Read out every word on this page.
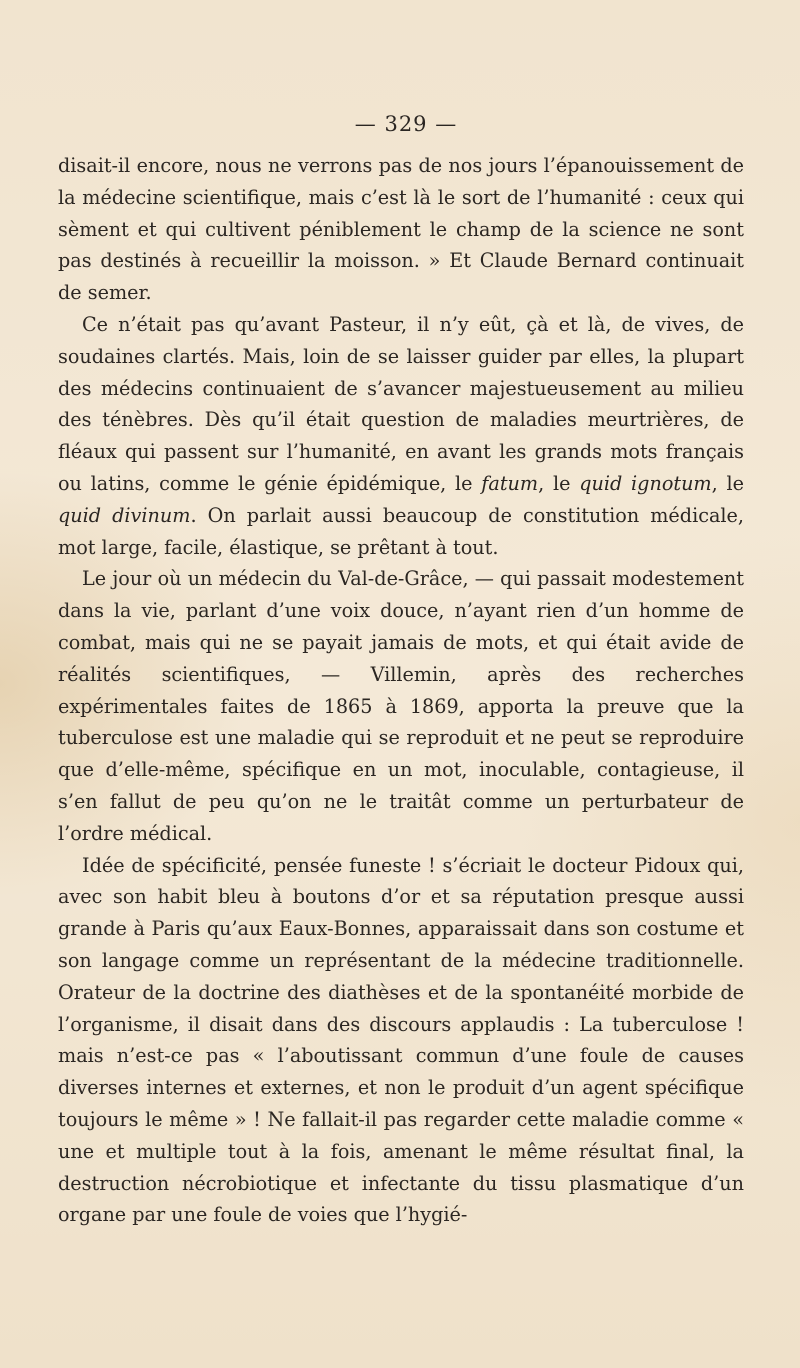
— 329 —

disait-il encore, nous ne verrons pas de nos jours l’épanouissement de la médecine scientifique, mais c’est là le sort de l’humanité : ceux qui sèment et qui cultivent péniblement le champ de la science ne sont pas destinés à recueillir la moisson. » Et Claude Bernard continuait de semer.

Ce n’était pas qu’avant Pasteur, il n’y eût, çà et là, de vives, de soudaines clartés. Mais, loin de se laisser guider par elles, la plupart des médecins continuaient de s’avancer majestueusement au milieu des ténèbres. Dès qu’il était question de maladies meurtrières, de fléaux qui passent sur l’humanité, en avant les grands mots français ou latins, comme le génie épidémique, le fatum, le quid ignotum, le quid divinum. On parlait aussi beaucoup de constitution médicale, mot large, facile, élastique, se prêtant à tout.

Le jour où un médecin du Val-de-Grâce, — qui passait modestement dans la vie, parlant d’une voix douce, n’ayant rien d’un homme de combat, mais qui ne se payait jamais de mots, et qui était avide de réalités scientifiques, — Villemin, après des recherches expérimentales faites de 1865 à 1869, apporta la preuve que la tuberculose est une maladie qui se reproduit et ne peut se reproduire que d’elle-même, spécifique en un mot, inoculable, contagieuse, il s’en fallut de peu qu’on ne le traitât comme un perturbateur de l’ordre médical.

Idée de spécificité, pensée funeste ! s’écriait le docteur Pidoux qui, avec son habit bleu à boutons d’or et sa réputation presque aussi grande à Paris qu’aux Eaux-Bonnes, apparaissait dans son costume et son langage comme un représentant de la médecine traditionnelle. Orateur de la doctrine des diathèses et de la spontanéité morbide de l’organisme, il disait dans des discours applaudis : La tuberculose ! mais n’est-ce pas « l’aboutissant commun d’une foule de causes diverses internes et externes, et non le produit d’un agent spécifique toujours le même » ! Ne fallait-il pas regarder cette maladie comme « une et multiple tout à la fois, amenant le même résultat final, la destruction nécrobiotique et infectante du tissu plasmatique d’un organe par une foule de voies que l’hygié-
